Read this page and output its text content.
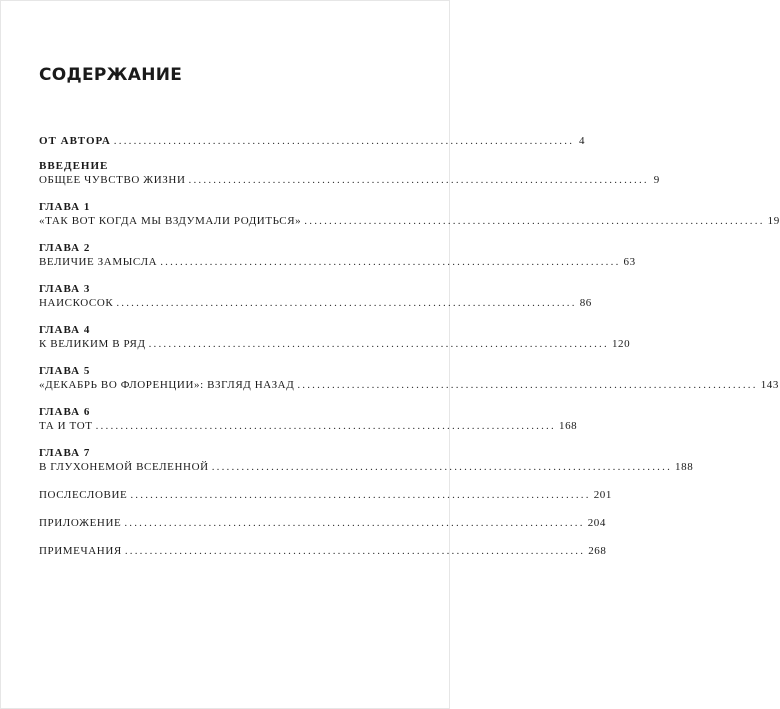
СОДЕРЖАНИЕ
ОТ АВТОРА ............................................................................................. 4
ВВЕДЕНИЕ
ОБЩЕЕ ЧУВСТВО ЖИЗНИ ............................................................................................. 9
ГЛАВА 1
«ТАК ВОТ КОГДА МЫ ВЗДУМАЛИ РОДИТЬСЯ» ............................................................................................. 19
ГЛАВА 2
ВЕЛИЧИЕ ЗАМЫСЛА ............................................................................................. 63
ГЛАВА 3
НАИСКОСОК ............................................................................................. 86
ГЛАВА 4
К ВЕЛИКИМ В РЯД ............................................................................................. 120
ГЛАВА 5
«ДЕКАБРЬ ВО ФЛОРЕНЦИИ»: ВЗГЛЯД НАЗАД ............................................................................................. 143
ГЛАВА 6
ТА И ТОТ ............................................................................................. 168
ГЛАВА 7
В ГЛУХОНЕМОЙ ВСЕЛЕННОЙ ............................................................................................. 188
ПОСЛЕСЛОВИЕ ............................................................................................. 201
ПРИЛОЖЕНИЕ ............................................................................................. 204
ПРИМЕЧАНИЯ ............................................................................................. 268
